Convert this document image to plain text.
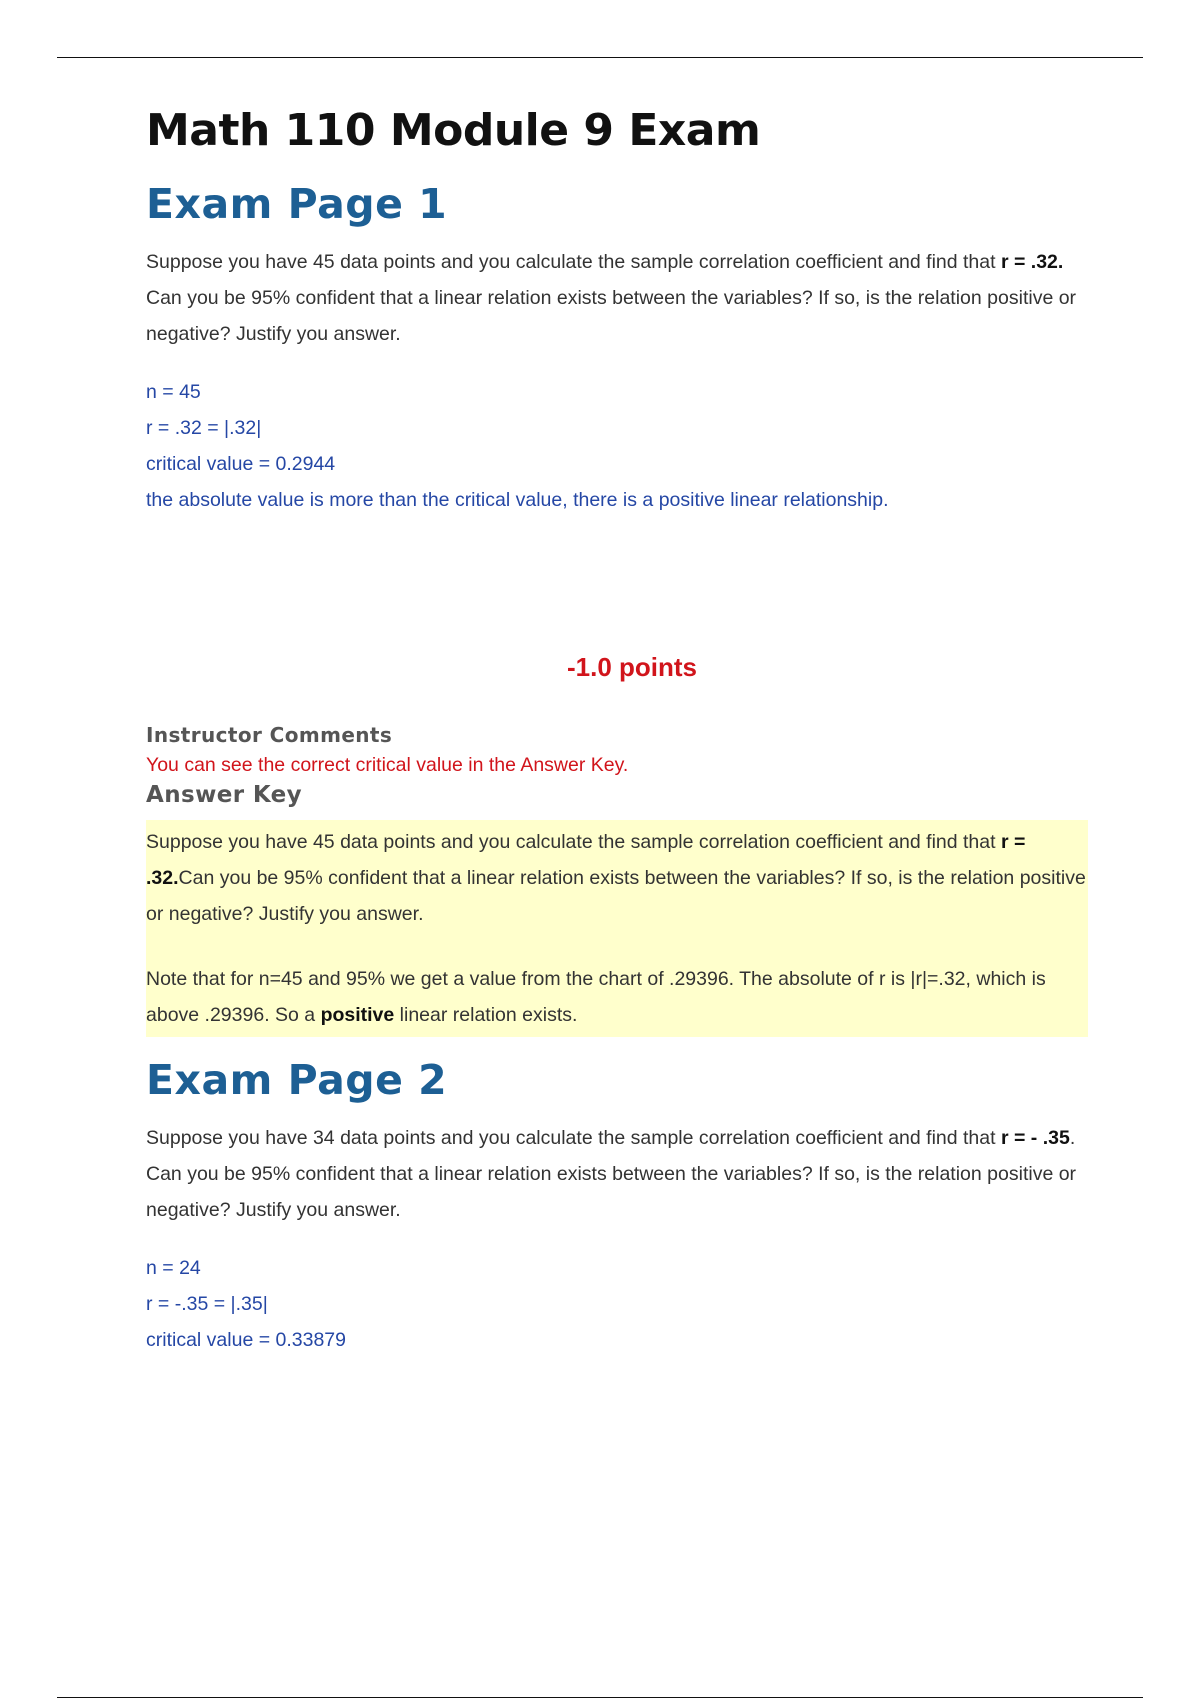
Math 110 Module 9 Exam
Exam Page 1

Suppose you have 45 data points and you calculate the sample correlation coefficient and find that r = .32. Can you be 95% confident that a linear relation exists between the variables? If so, is the relation positive or negative? Justify you answer.

n = 45
r = .32 = |.32|
critical value = 0.2944
the absolute value is more than the critical value, there is a positive linear relationship.
-1.0 points
Instructor Comments
You can see the correct critical value in the Answer Key.
Answer Key

Suppose you have 45 data points and you calculate the sample correlation coefficient and find that r = .32.Can you be 95% confident that a linear relation exists between the variables? If so, is the relation positive or negative? Justify you answer.

Note that for n=45 and 95% we get a value from the chart of .29396. The absolute of r is |r|=.32, which is above .29396. So a positive linear relation exists.

Exam Page 2

Suppose you have 34 data points and you calculate the sample correlation coefficient and find that r = - .35. Can you be 95% confident that a linear relation exists between the variables? If so, is the relation positive or negative? Justify you answer.

n = 24
r = -.35 = |.35|
critical value = 0.33879
